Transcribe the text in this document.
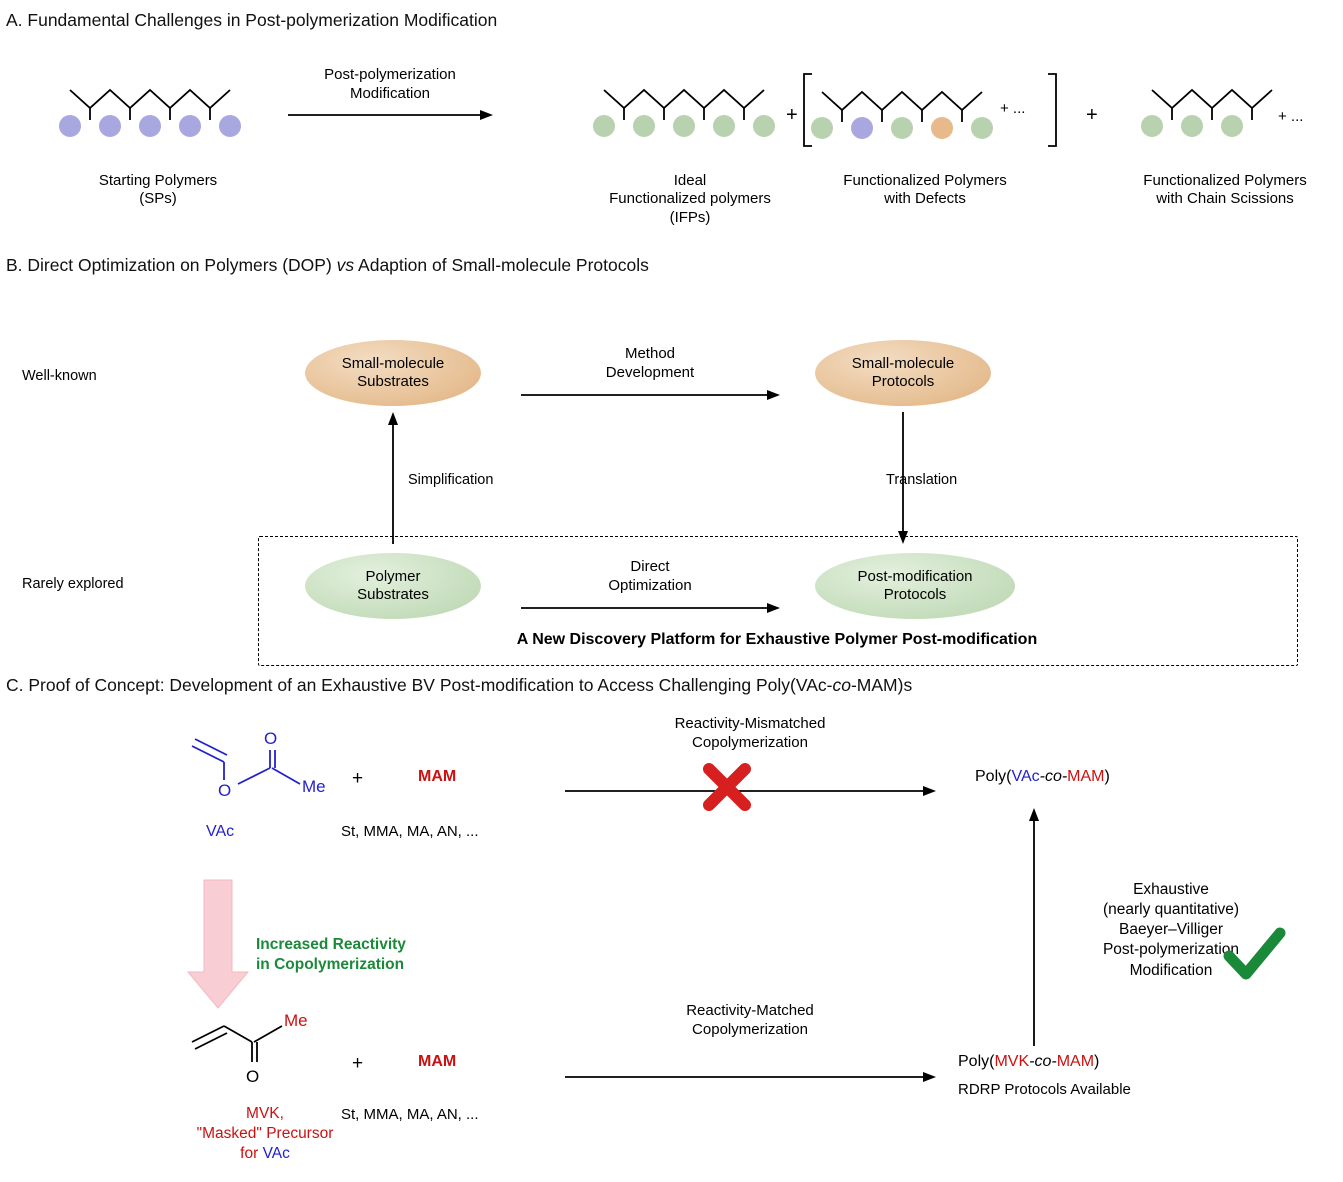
A. Fundamental Challenges in Post-polymerization Modification
Starting Polymers
(SPs)
Post-polymerization
Modification
Ideal
Functionalized polymers
(IFPs)
+	+ ...
Functionalized Polymers
with Defects
+	+ ...
Functionalized Polymers
with Chain Scissions
B. Direct Optimization on Polymers (DOP) vs Adaption of Small-molecule Protocols
Well-known
Rarely explored
Small-molecule
Substrates
Small-molecule
Protocols
Method
Development
Simplification	Translation
Polymer
Substrates
Post-modification
Protocols
Direct
Optimization
A New Discovery Platform for Exhaustive Polymer Post-modification
C. Proof of Concept: Development of an Exhaustive BV Post-modification to Access Challenging Poly(VAc-co-MAM)s
O
O
Me
VAc
+	MAM
St, MMA, MA, AN, ...
Reactivity-Mismatched
Copolymerization
Poly(VAc-co-MAM)
Increased Reactivity
in Copolymerization
O
Me
MVK,
"Masked" Precursor
for VAc
+	MAM
St, MMA, MA, AN, ...
Reactivity-Matched
Copolymerization
Poly(MVK-co-MAM)
RDRP Protocols Available
Exhaustive
(nearly quantitative)
Baeyer–Villiger
Post-polymerization
Modification
